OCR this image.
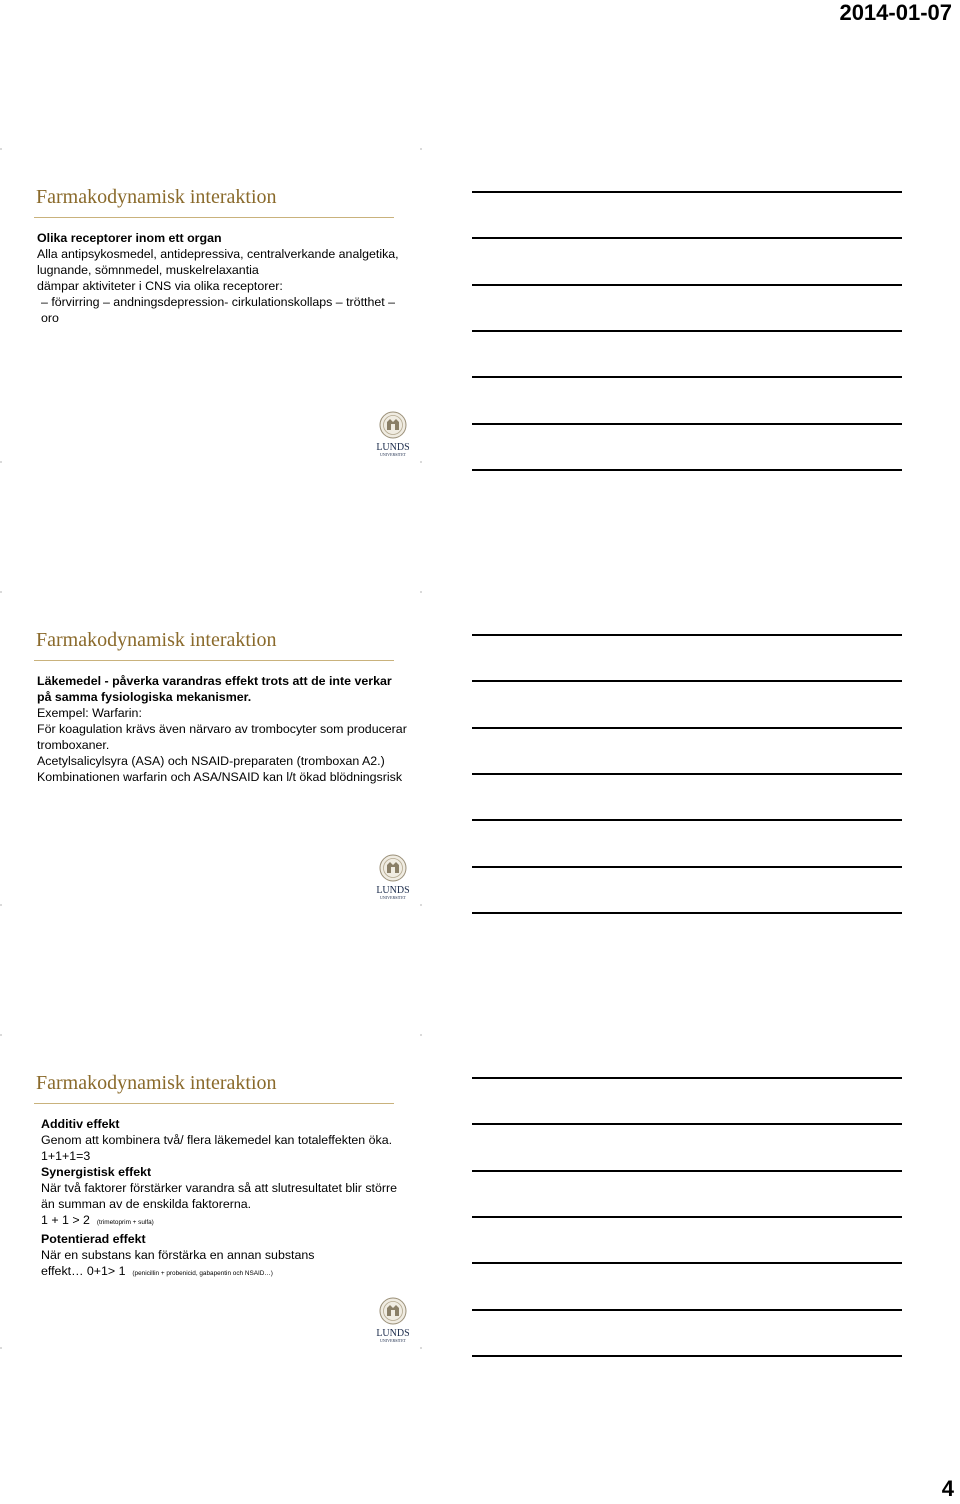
2014-01-07
Farmakodynamisk interaktion

Olika receptorer inom ett organ

Alla antipsykosmedel, antidepressiva, centralverkande analgetika, lugnande, sömnmedel, muskelrelaxantia

dämpar aktiviteter i CNS via olika receptorer:

– förvirring – andningsdepression- cirkulationskollaps – trötthet – oro

LUNDS
UNIVERSITET
Farmakodynamisk interaktion

Läkemedel - påverka varandras effekt trots att de inte verkar på samma fysiologiska mekanismer.

Exempel: Warfarin:

För koagulation krävs även närvaro av trombocyter som producerar tromboxaner.

Acetylsalicylsyra (ASA) och NSAID-preparaten (tromboxan A2.)

Kombinationen warfarin och ASA/NSAID kan l/t ökad blödningsrisk

LUNDS
UNIVERSITET
Farmakodynamisk interaktion

Additiv effekt

Genom att kombinera två/ flera läkemedel kan totaleffekten öka. 1+1+1=3

Synergistisk effekt

När två faktorer förstärker varandra så att slutresultatet blir större än summan av de enskilda faktorerna.

1 + 1 > 2 (trimetoprim + sulfa)

Potentierad effekt

När en substans kan förstärka en annan substans

effekt… 0+1> 1 (penicillin + probenicid, gabapentin och NSAID…)

LUNDS
UNIVERSITET
4
